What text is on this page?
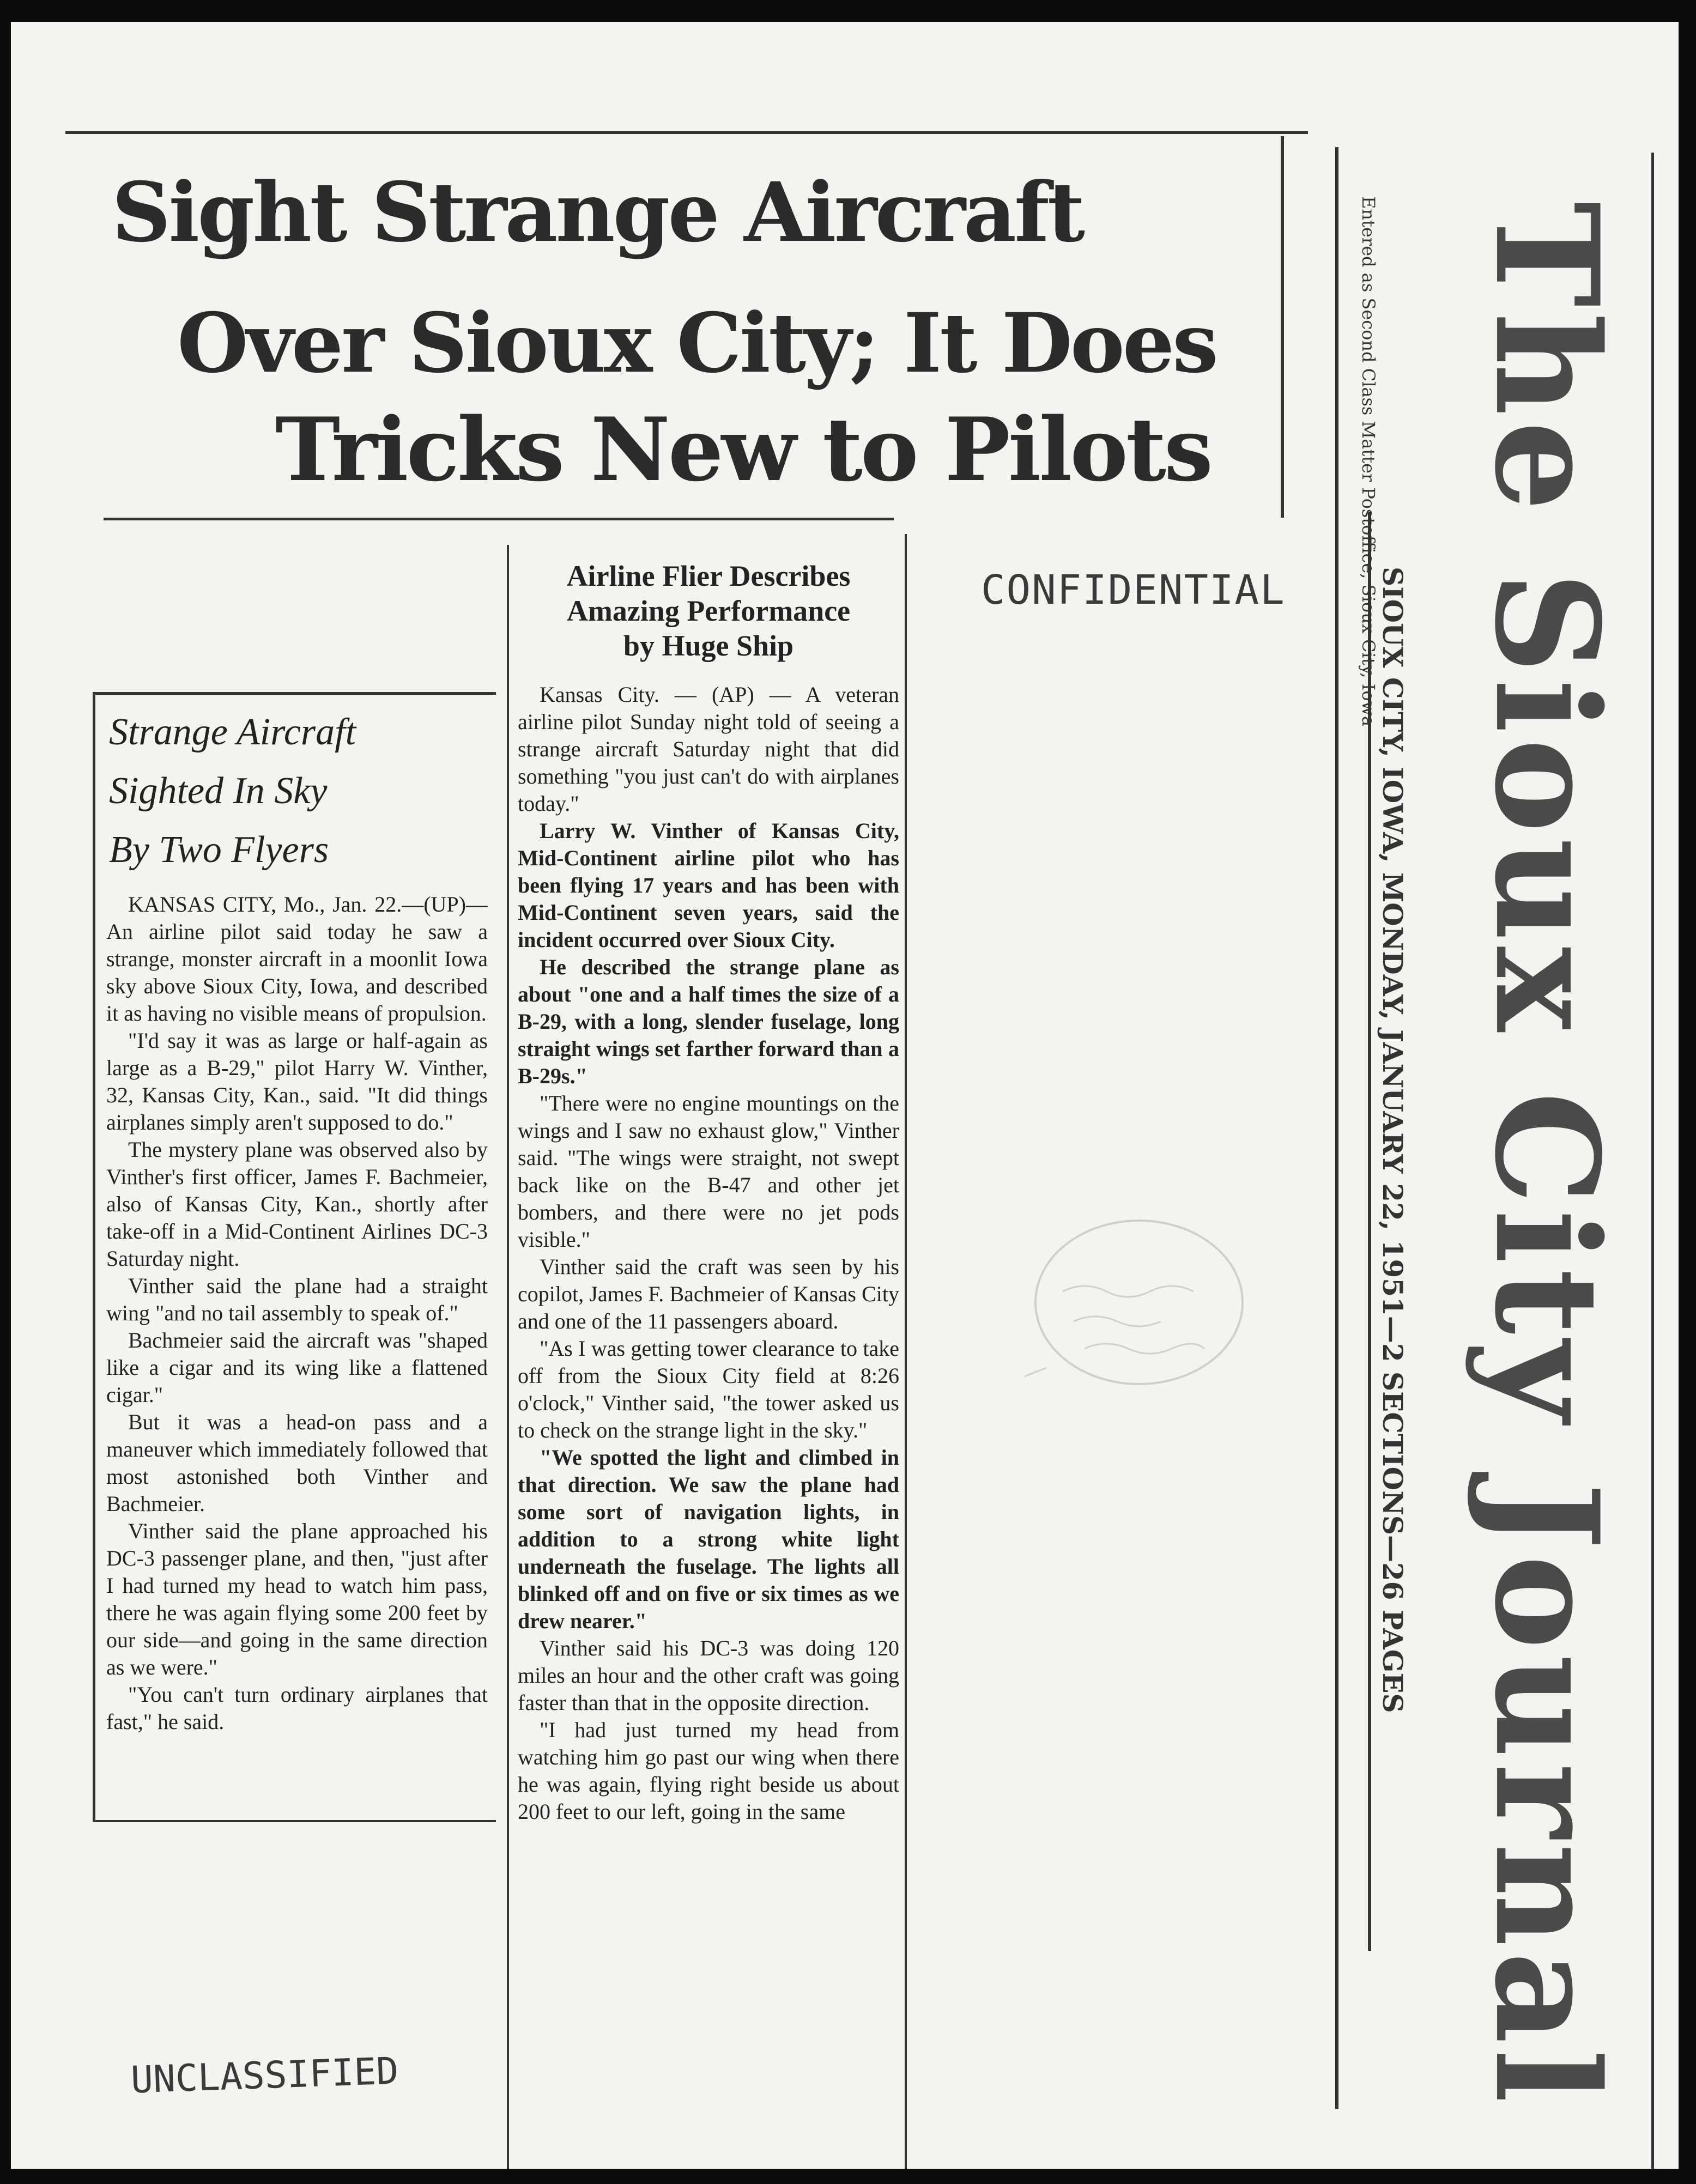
Sight Strange Aircraft
Over Sioux City; It Does
Tricks New to Pilots
Strange Aircraft
Sighted In Sky
By Two Flyers

KANSAS CITY, Mo., Jan. 22.—(UP)—An airline pilot said today he saw a strange, monster aircraft in a moonlit Iowa sky above Sioux City, Iowa, and described it as having no visible means of propulsion.

"I'd say it was as large or half-again as large as a B-29," pilot Harry W. Vinther, 32, Kansas City, Kan., said. "It did things airplanes simply aren't supposed to do."

The mystery plane was observed also by Vinther's first officer, James F. Bachmeier, also of Kansas City, Kan., shortly after take-off in a Mid-Continent Airlines DC-3 Saturday night.

Vinther said the plane had a straight wing "and no tail assembly to speak of."

Bachmeier said the aircraft was "shaped like a cigar and its wing like a flattened cigar."

But it was a head-on pass and a maneuver which immediately followed that most astonished both Vinther and Bachmeier.

Vinther said the plane approached his DC-3 passenger plane, and then, "just after I had turned my head to watch him pass, there he was again flying some 200 feet by our side—and going in the same direction as we were."

"You can't turn ordinary airplanes that fast," he said.

Airline Flier Describes
Amazing Performance
by Huge Ship

Kansas City. — (AP) — A veteran airline pilot Sunday night told of seeing a strange aircraft Saturday night that did something "you just can't do with airplanes today."

Larry W. Vinther of Kansas City, Mid-Continent airline pilot who has been flying 17 years and has been with Mid-Continent seven years, said the incident occurred over Sioux City.

He described the strange plane as about "one and a half times the size of a B-29, with a long, slender fuselage, long straight wings set farther forward than a B-29s."

"There were no engine mountings on the wings and I saw no exhaust glow," Vinther said. "The wings were straight, not swept back like on the B-47 and other jet bombers, and there were no jet pods visible."

Vinther said the craft was seen by his copilot, James F. Bachmeier of Kansas City and one of the 11 passengers aboard.

"As I was getting tower clearance to take off from the Sioux City field at 8:26 o'clock," Vinther said, "the tower asked us to check on the strange light in the sky."

"We spotted the light and climbed in that direction. We saw the plane had some sort of navigation lights, in addition to a strong white light underneath the fuselage. The lights all blinked off and on five or six times as we drew nearer."

Vinther said his DC-3 was doing 120 miles an hour and the other craft was going faster than that in the opposite direction.

"I had just turned my head from watching him go past our wing when there he was again, flying right beside us about 200 feet to our left, going in the same

CONFIDENTIAL
UNCLASSIFIED
SIOUX CITY, IOWA, MONDAY, JANUARY 22, 1951—2 SECTIONS—26 PAGES
Entered as Second Class Matter Postoffice, Sioux City, Iowa The Sioux City Journal
